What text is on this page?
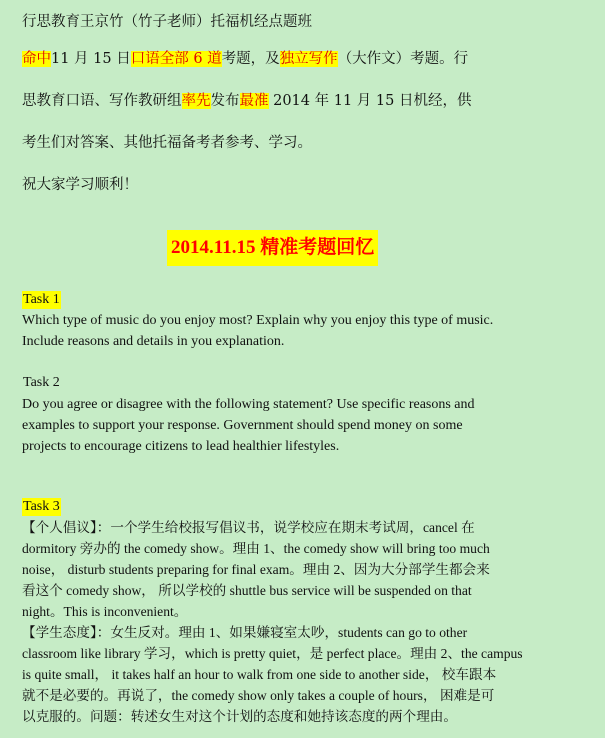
行思教育王京竹（竹子老师）托福机经点题班
命中11 月 15 日口语全部 6 道考题，及独立写作（大作文）考题。行
思教育口语、写作教研组率先发布最准 2014 年 11 月 15 日机经，供
考生们对答案、其他托福备考者参考、学习。
祝大家学习顺利！
2014.11.15 精准考题回忆
Task 1
Which type of music do you enjoy most? Explain why you enjoy this type of music.
Include reasons and details in you explanation.
Task 2
Do you agree or disagree with the following statement? Use specific reasons and
examples to support your response. Government should spend money on some
projects to encourage citizens to lead healthier lifestyles.
Task 3
【个人倡议】：一个学生给校报写倡议书，说学校应在期末考试周，cancel 在
dormitory 旁办的 the comedy show。理由 1、the comedy show will bring too much
noise， disturb students preparing for final exam。理由 2、因为大分部学生都会来
看这个 comedy show， 所以学校的 shuttle bus service will be suspended on that
night。This is inconvenient。
【学生态度】：女生反对。理由 1、如果嫌寝室太吵，students can go to other
classroom like library 学习，which is pretty quiet，是 perfect place。理由 2、the campus
is quite small， it takes half an hour to walk from one side to another side， 校车跟本
就不是必要的。再说了，the comedy show only takes a couple of hours， 困难是可
以克服的。问题：转述女生对这个计划的态度和她持该态度的两个理由。
